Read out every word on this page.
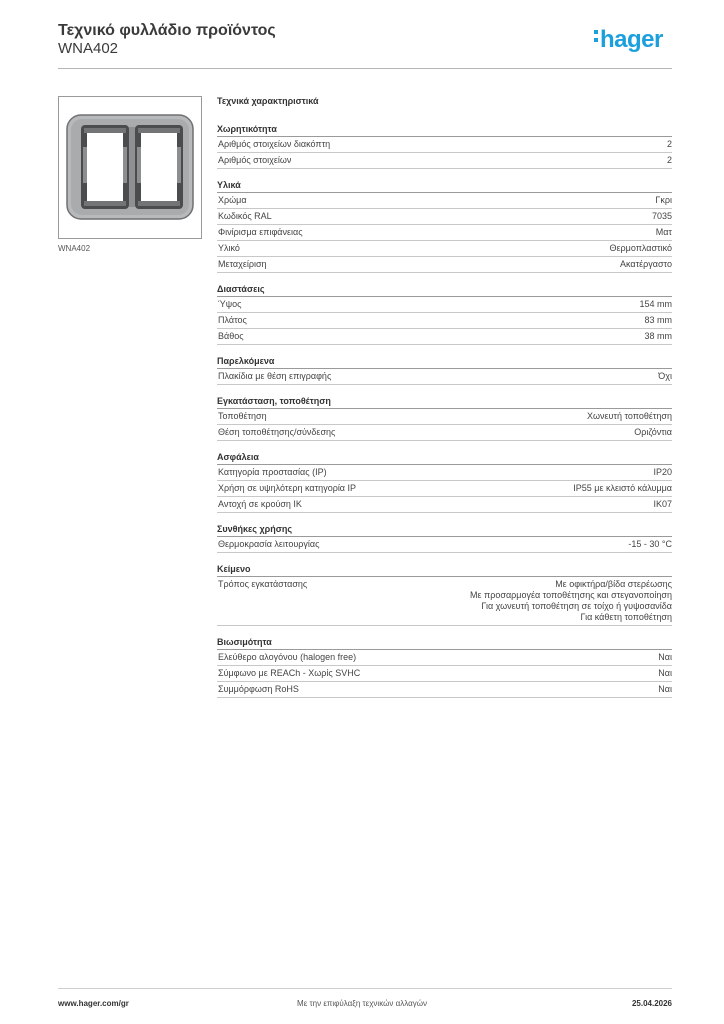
Τεχνικό φυλλάδιο προϊόντος
WNA402	hager
WNA402
Τεχνικά χαρακτηριστικά
Χωρητικότητα
Αριθμός στοιχείων διακόπτη	2
Αριθμός στοιχείων	2
Υλικά
Χρώμα	Γκρι
Κωδικός RAL	7035
Φινίρισμα επιφάνειας	Ματ
Υλικό	Θερμοπλαστικό
Μεταχείριση	Ακατέργαστο
Διαστάσεις
Ύψος	154 mm
Πλάτος	83 mm
Βάθος	38 mm
Παρελκόμενα
Πλακίδια με θέση επιγραφής	Όχι
Εγκατάσταση, τοποθέτηση
Τοποθέτηση	Χωνευτή τοποθέτηση
Θέση τοποθέτησης/σύνδεσης	Οριζόντια
Ασφάλεια
Κατηγορία προστασίας (IP)	IP20
Χρήση σε υψηλότερη κατηγορία IP	IP55 με κλειστό κάλυμμα
Αντοχή σε κρούση IK	IK07
Συνθήκες χρήσης
Θερμοκρασία λειτουργίας	-15 - 30 °C
Κείμενο
Τρόπος εγκατάστασης	Με οφικτήρα/βίδα στερέωσης
Με προσαρμογέα τοποθέτησης και στεγανοποίηση
Για χωνευτή τοποθέτηση σε τοίχο ή γυψοσανίδα
Για κάθετη τοποθέτηση
Βιωσιμότητα
Ελεύθερο αλογόνου (halogen free)	Ναι
Σύμφωνο με REACh - Χωρίς SVHC	Ναι
Συμμόρφωση RoHS	Ναι
www.hager.com/gr	Με την επιφύλαξη τεχνικών αλλαγών	25.04.2026
